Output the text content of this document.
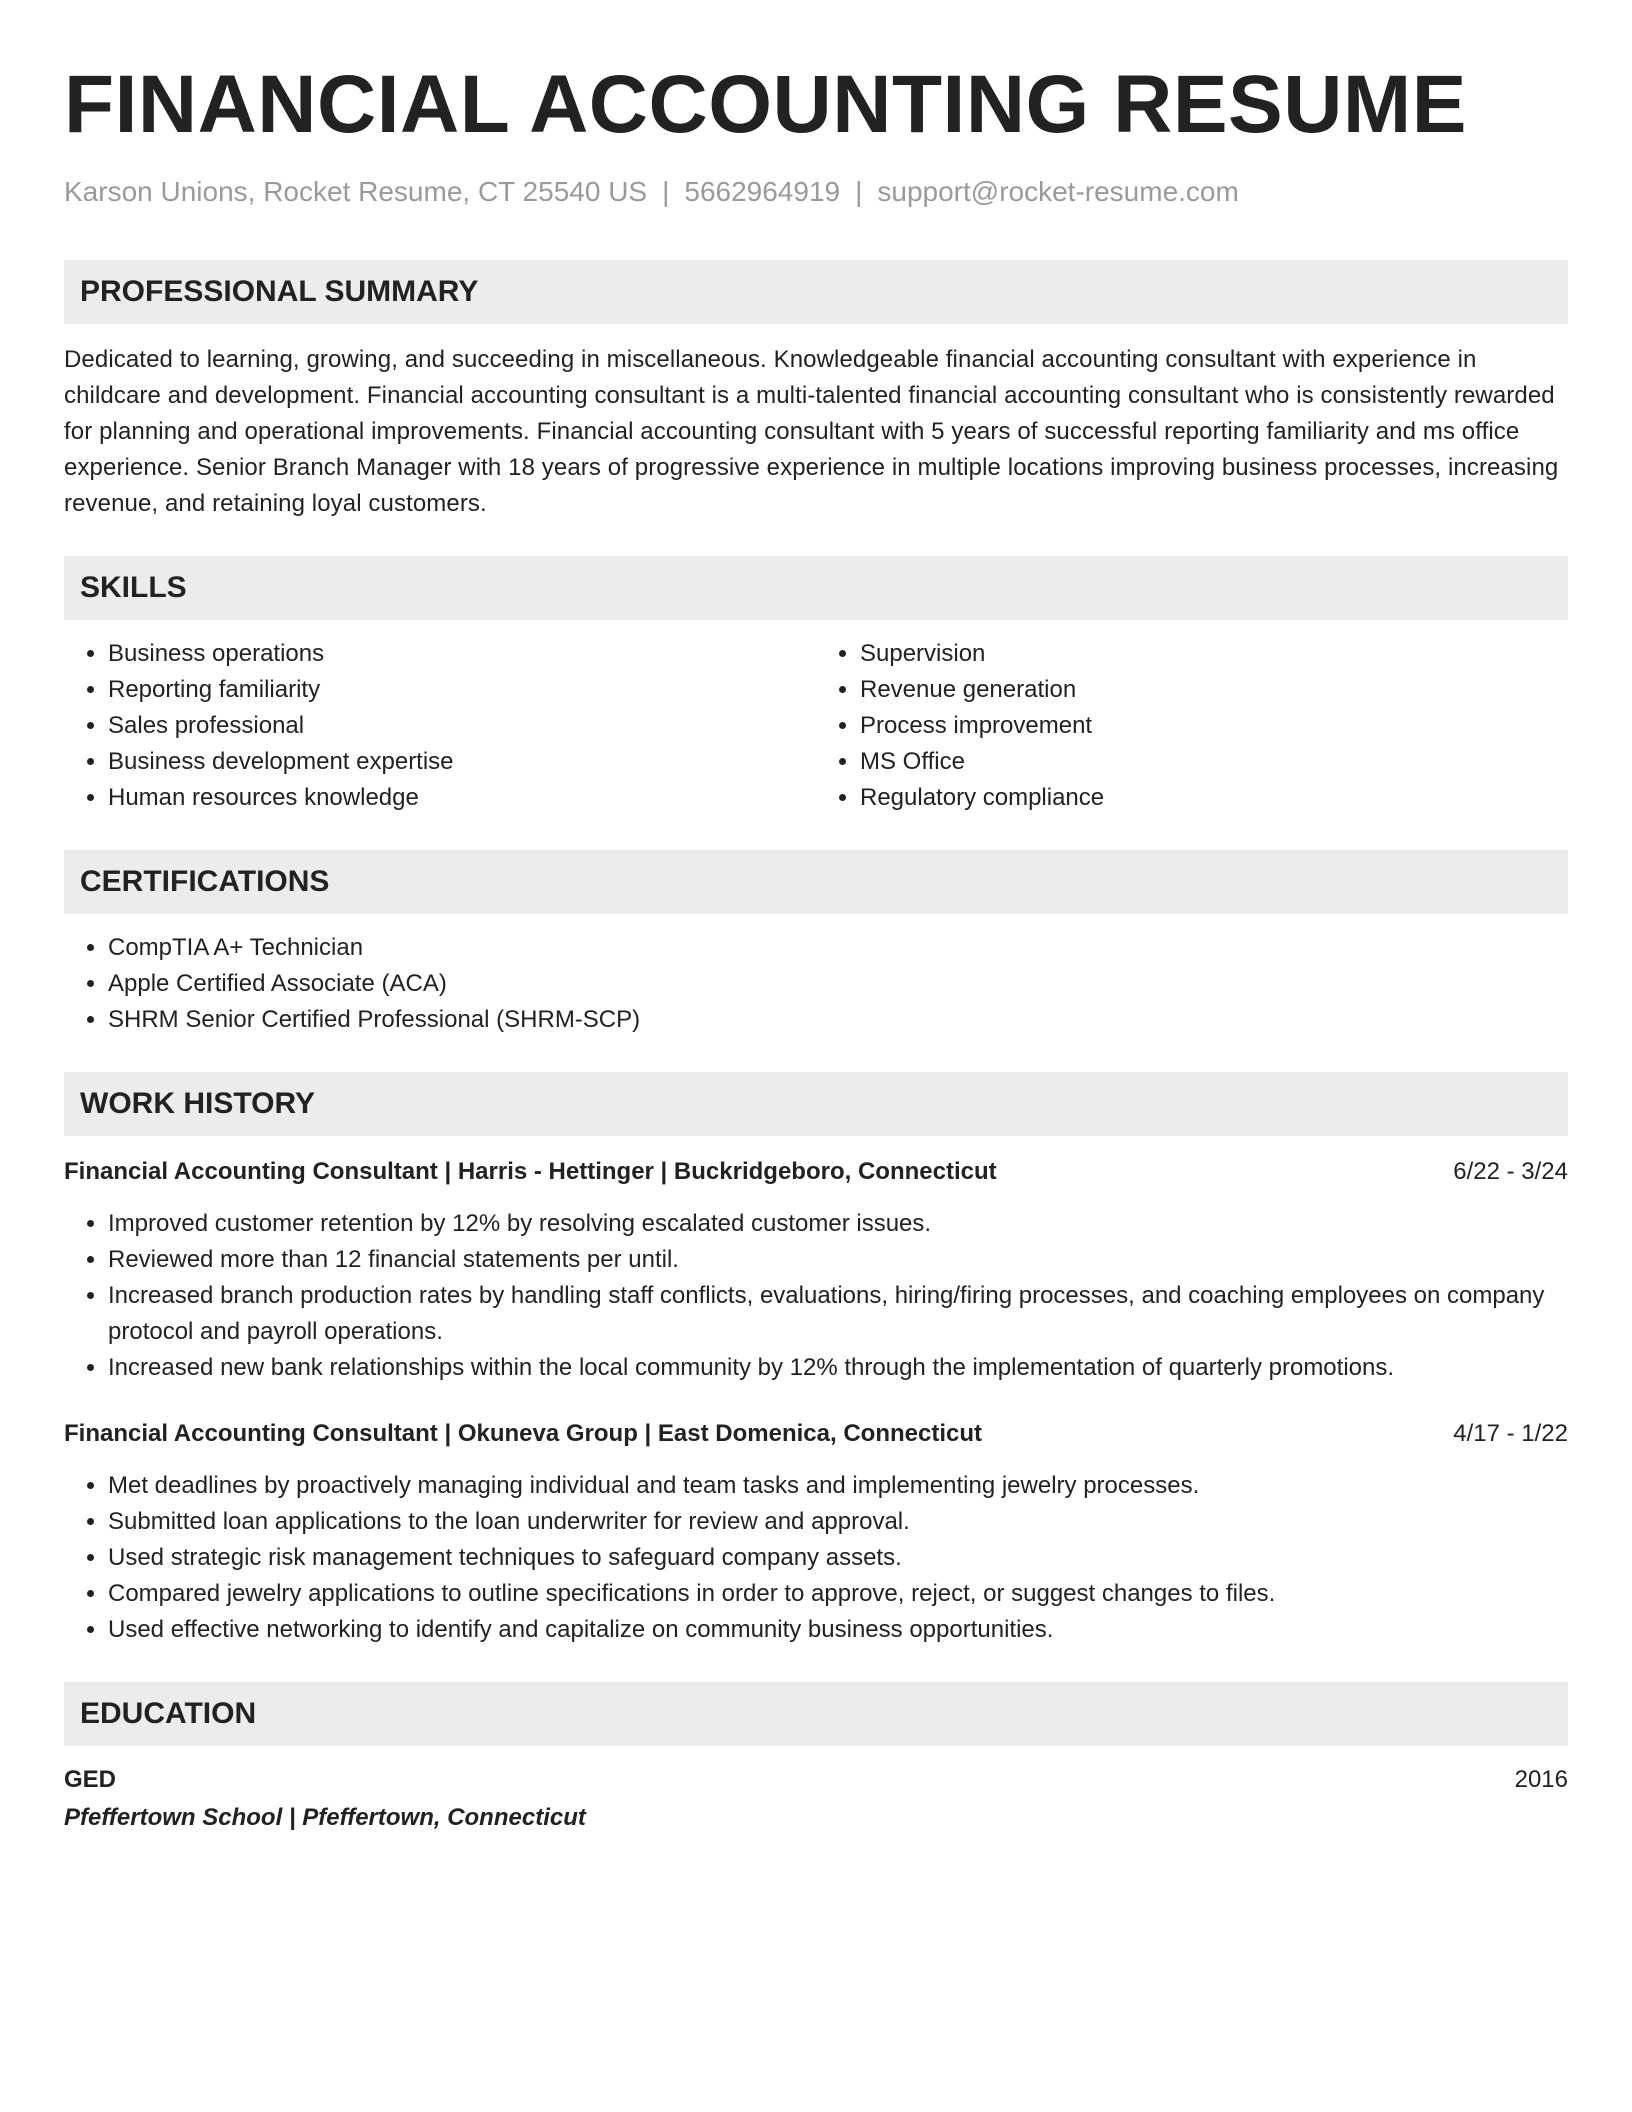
FINANCIAL ACCOUNTING RESUME
Karson Unions, Rocket Resume, CT 25540 US | 5662964919 | support@rocket-resume.com
PROFESSIONAL SUMMARY

Dedicated to learning, growing, and succeeding in miscellaneous. Knowledgeable financial accounting consultant with experience in childcare and development. Financial accounting consultant is a multi-talented financial accounting consultant who is consistently rewarded for planning and operational improvements. Financial accounting consultant with 5 years of successful reporting familiarity and ms office experience. Senior Branch Manager with 18 years of progressive experience in multiple locations improving business processes, increasing revenue, and retaining loyal customers.

SKILLS
• Business operations
• Reporting familiarity
• Sales professional
• Business development expertise
• Human resources knowledge
• Supervision
• Revenue generation
• Process improvement
• MS Office
• Regulatory compliance
CERTIFICATIONS
• CompTIA A+ Technician
• Apple Certified Associate (ACA)
• SHRM Senior Certified Professional (SHRM-SCP)
WORK HISTORY
Financial Accounting Consultant | Harris - Hettinger | Buckridgeboro, Connecticut	6/22 - 3/24
• Improved customer retention by 12% by resolving escalated customer issues.
• Reviewed more than 12 financial statements per until.
• Increased branch production rates by handling staff conflicts, evaluations, hiring/firing processes, and coaching employees on company protocol and payroll operations.
• Increased new bank relationships within the local community by 12% through the implementation of quarterly promotions.
Financial Accounting Consultant | Okuneva Group | East Domenica, Connecticut	4/17 - 1/22
• Met deadlines by proactively managing individual and team tasks and implementing jewelry processes.
• Submitted loan applications to the loan underwriter for review and approval.
• Used strategic risk management techniques to safeguard company assets.
• Compared jewelry applications to outline specifications in order to approve, reject, or suggest changes to files.
• Used effective networking to identify and capitalize on community business opportunities.
EDUCATION
GED	2016
Pfeffertown School | Pfeffertown, Connecticut
